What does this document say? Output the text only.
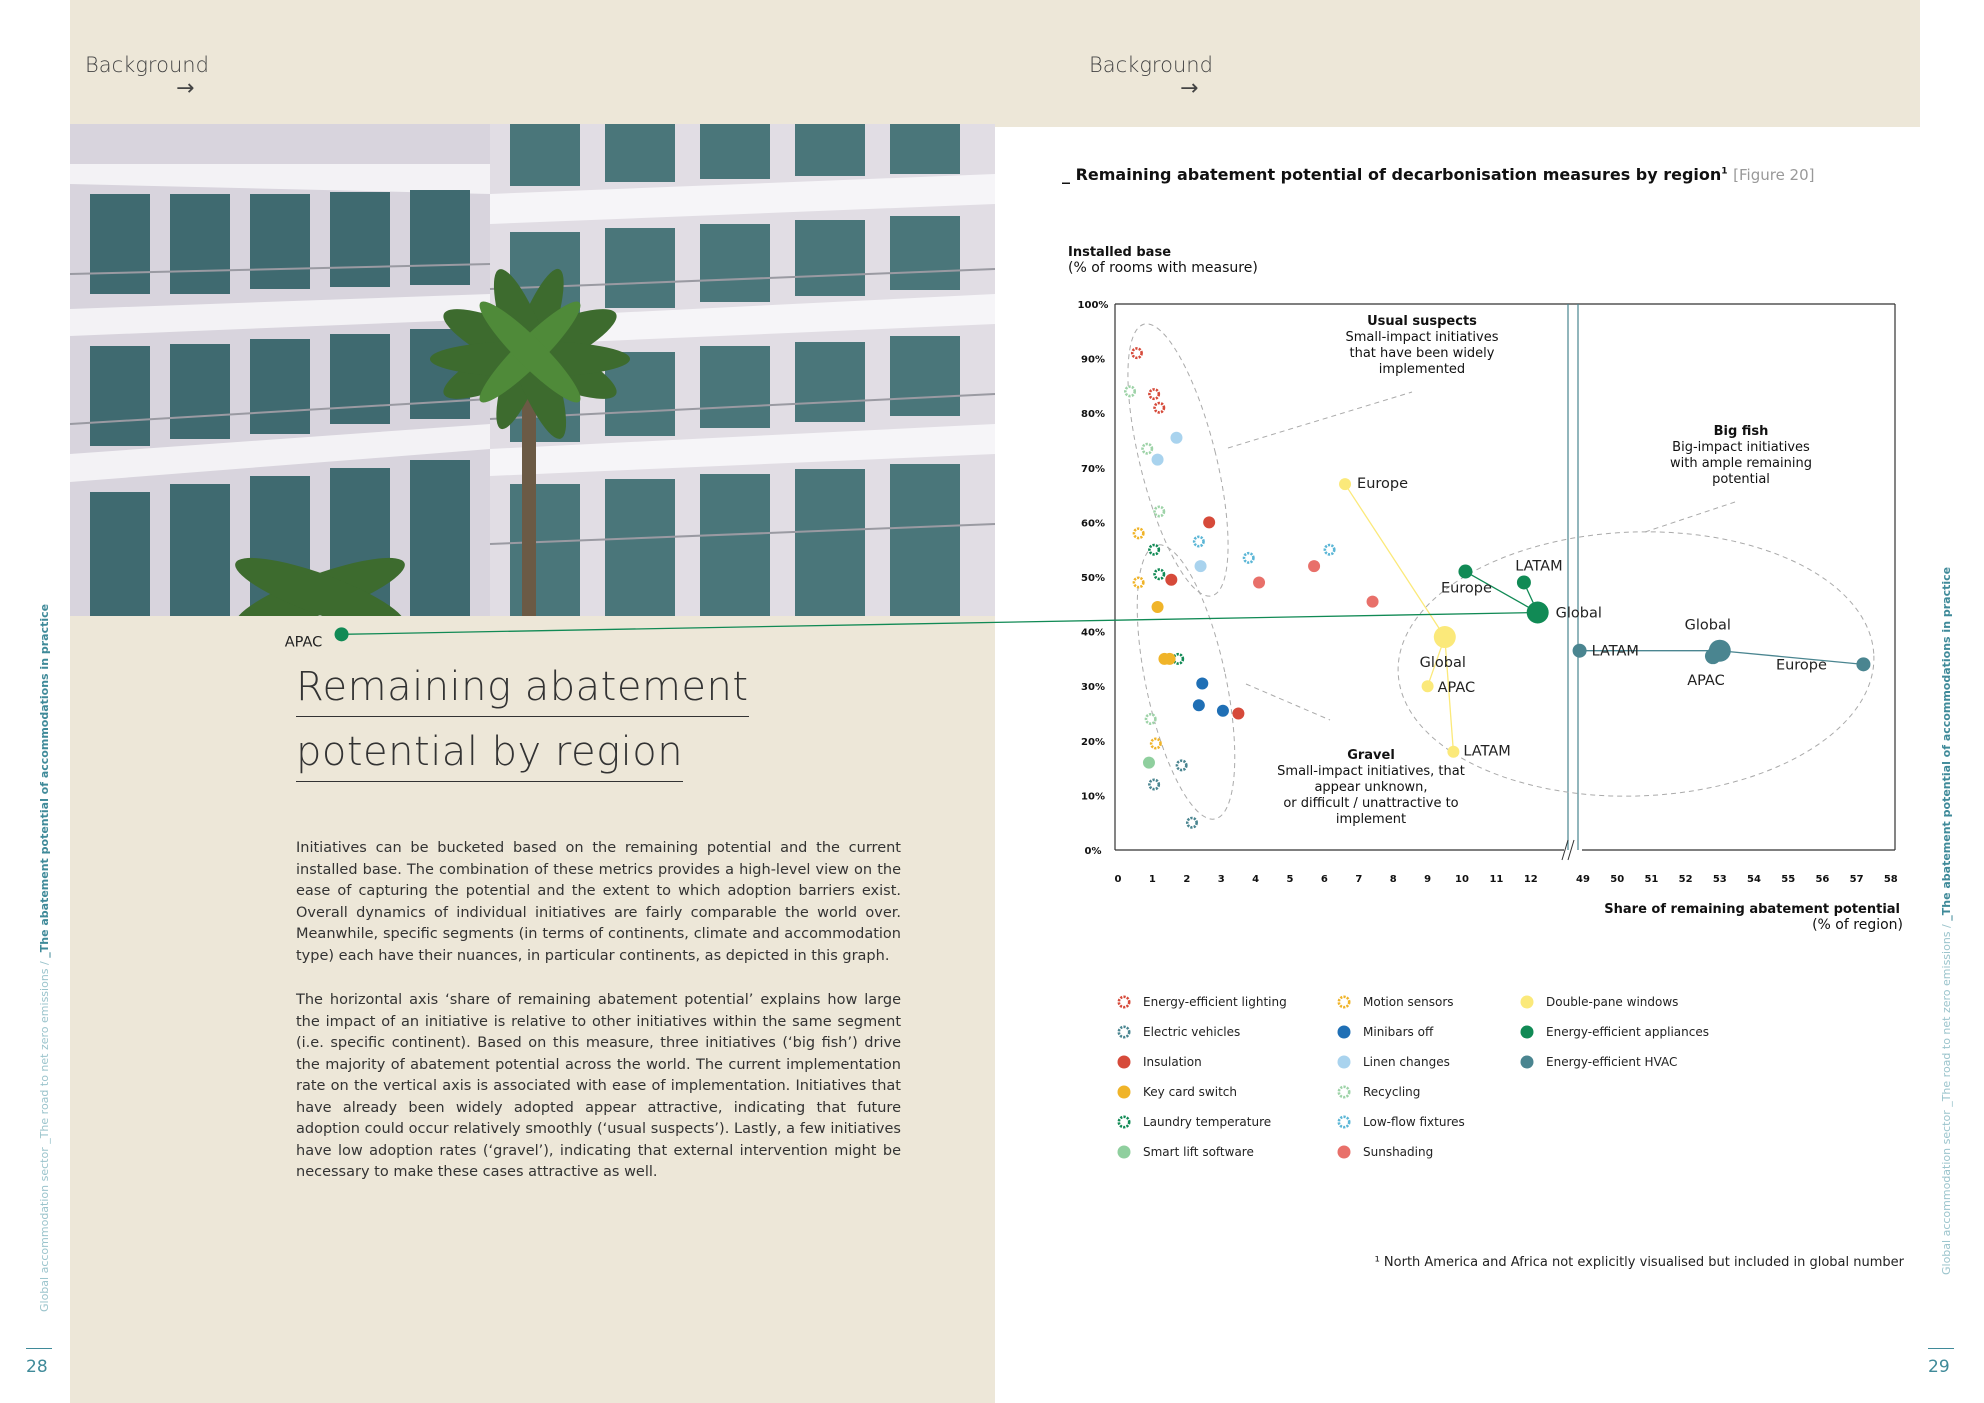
Background
→
Remaining abatement
potential by region
Initiatives can be bucketed based on the remaining potential and the current installed base. The combination of these metrics provides a high-level view on the ease of capturing the potential and the extent to which adoption barriers exist. Overall dynamics of individual initiatives are fairly comparable the world over. Meanwhile, specific segments (in terms of continents, climate and accommodation type) each have their nuances, in particular continents, as depicted in this graph.
The horizontal axis ‘share of remaining abatement potential’ explains how large the impact of an initiative is relative to other initiatives within the same segment (i.e. specific continent). Based on this measure, three initiatives (‘big fish’) drive the majority of abatement potential across the world. The current implementation rate on the vertical axis is associated with ease of implementation. Initiatives that have already been widely adopted appear attractive, indicating that future adoption could occur relatively smoothly (‘usual suspects’). Lastly, a few initiatives have low adoption rates (‘gravel’), indicating that external intervention might be necessary to make these cases attractive as well.
Global accommodation sector _The road to net zero emissions / _The abatement potential of accommodations in practice
28
Background
→
_ Remaining abatement potential of decarbonisation measures by region$^1$ [Figure 20]
Installed base
(% of rooms with measure)
Share of remaining abatement potential
(% of region)
Usual suspects
Small-impact initiatives
that have been widely
implemented
Big fish
Big-impact initiatives
with ample remaining
potential
Gravel
Small-impact initiatives, that
appear unknown,
or difficult / unattractive to
implement
0%
10%
20%
30%
40%
50%
60%
70%
80%
90%
100%
0	1	2	3	4	5	6	7	8	9 10 11 12	49 50 51 52 53 54 55 56 57 58
Europe
Global
APAC
LATAM
Europe
LATAM
Global
APAC
LATAM
APAC
Global
Europe
Energy-efficient lighting
Electric vehicles
Insulation
Key card switch
Laundry temperature
Smart lift software
Motion sensors
Minibars off
Linen changes
Recycling
Low-flow fixtures
Sunshading
Double-pane windows
Energy-efficient appliances
Energy-efficient HVAC
¹ North America and Africa not explicitly visualised but included in global number	Global accommodation sector _The road to net zero emissions / _The abatement potential of accommodations in practice
29
